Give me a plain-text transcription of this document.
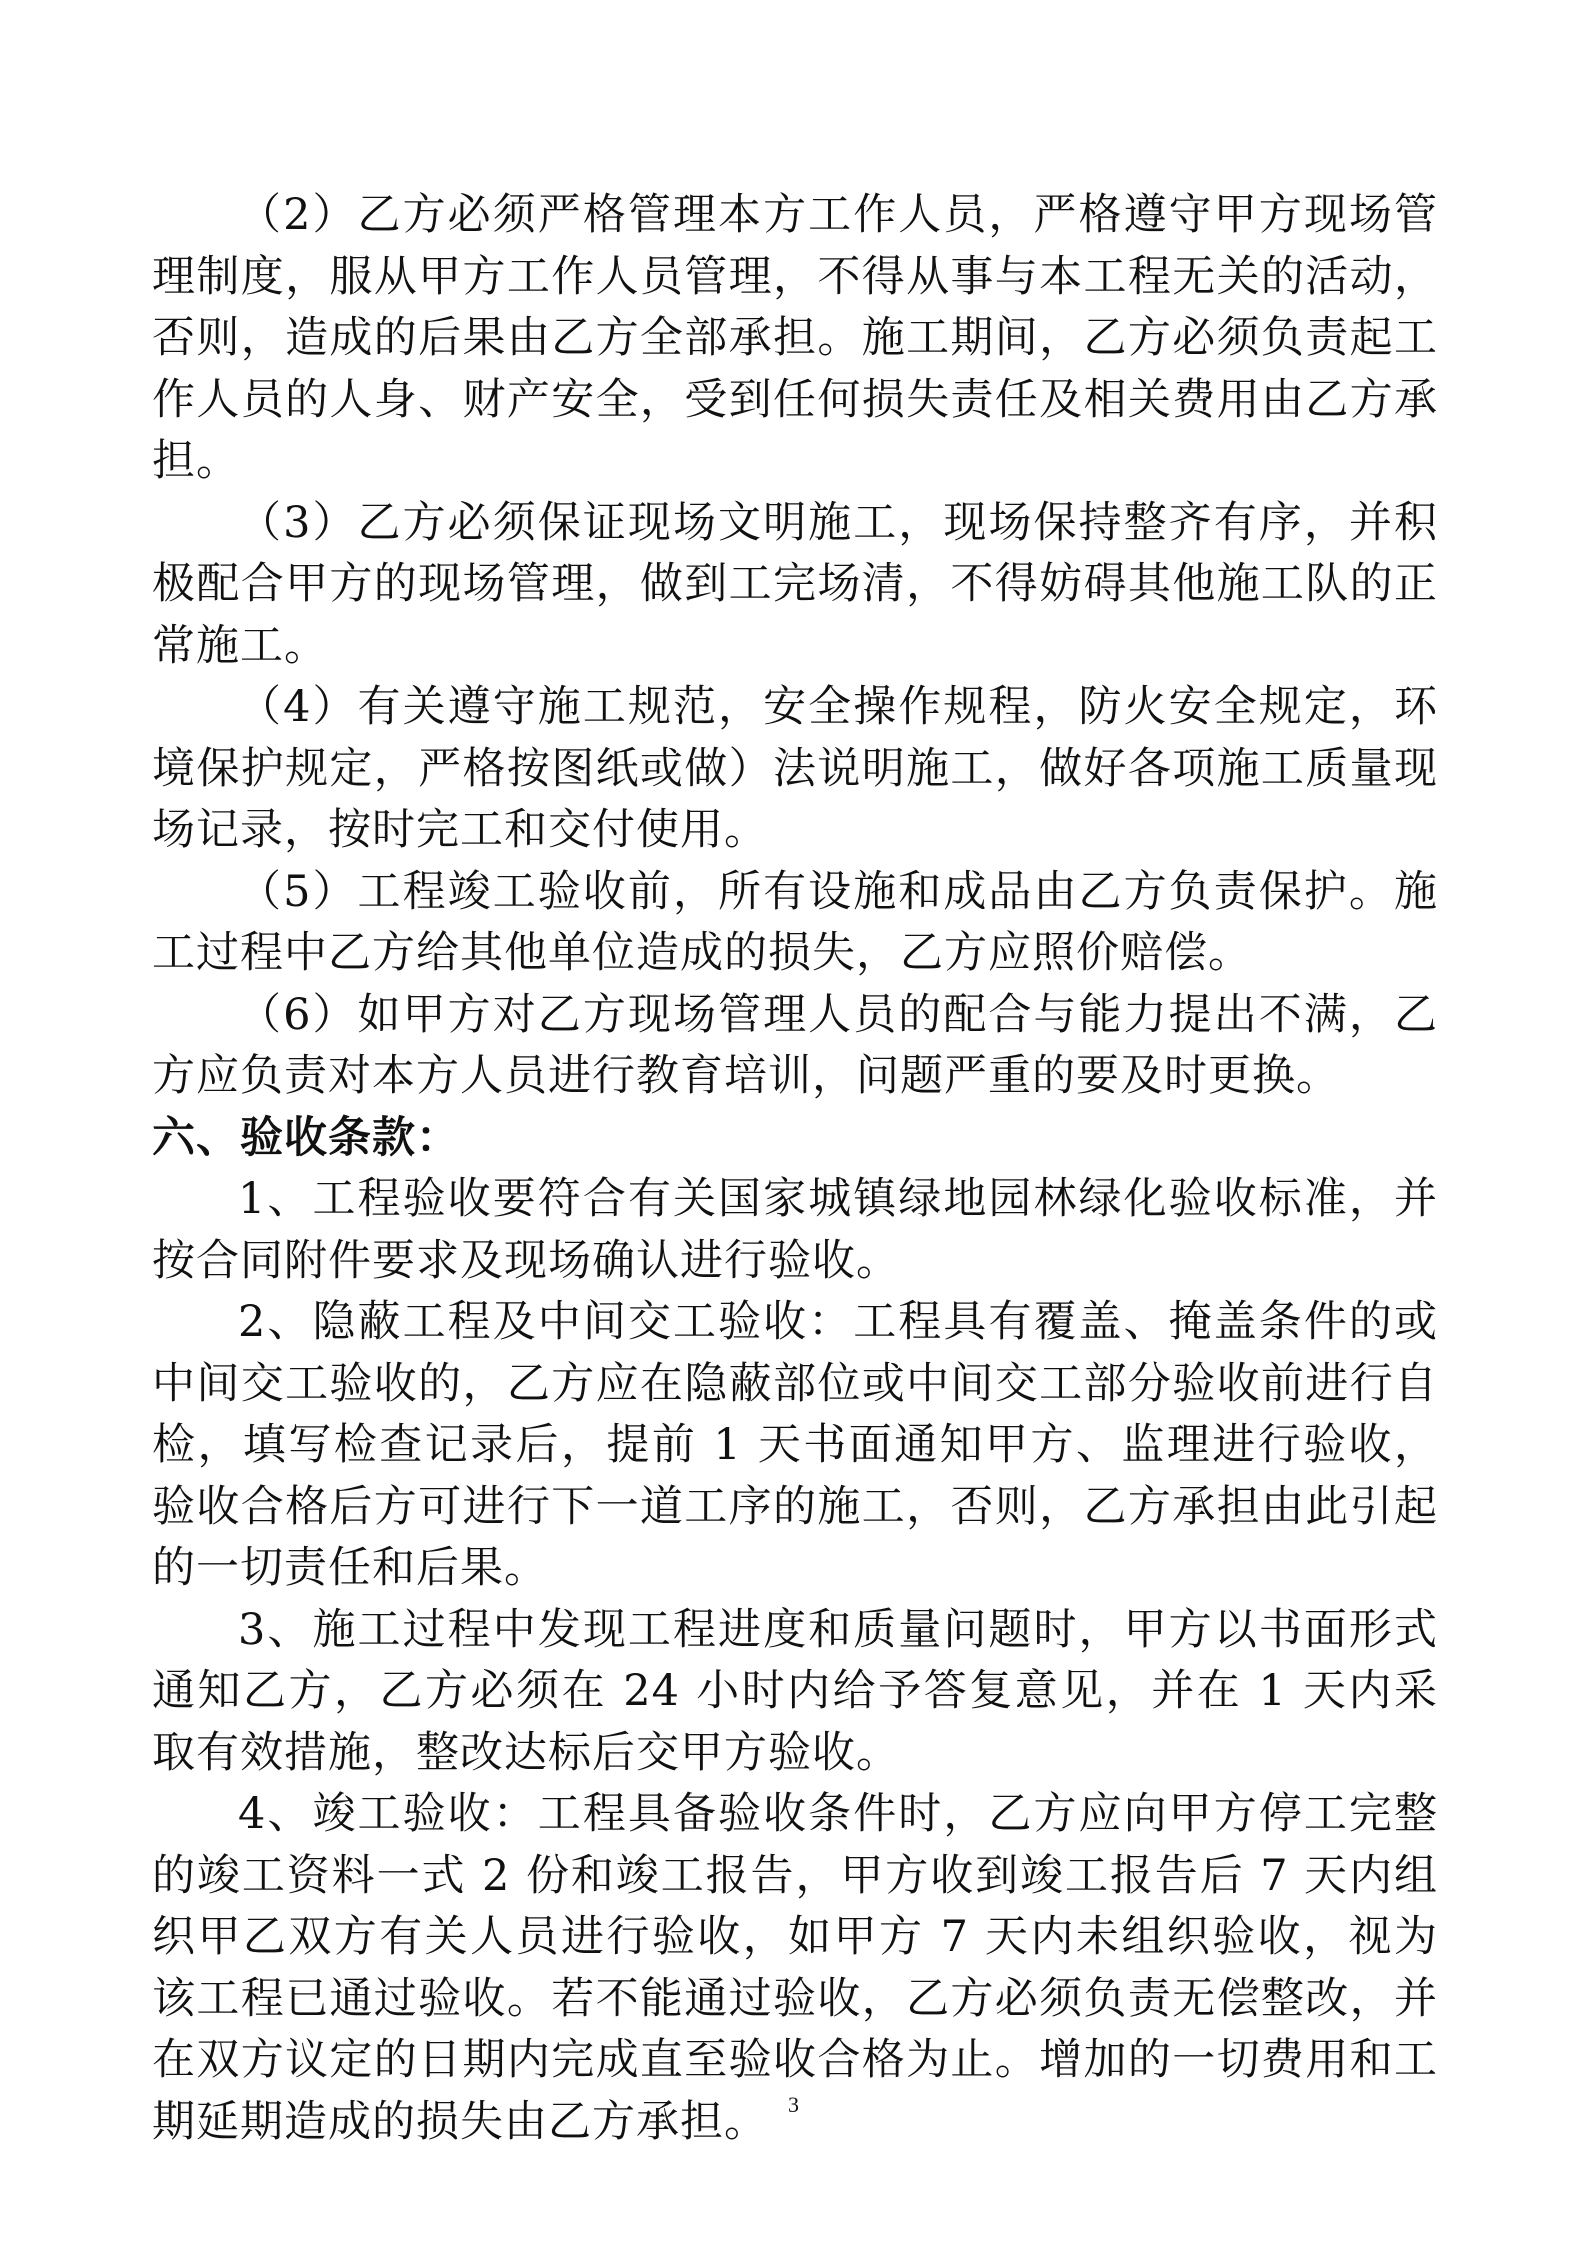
（2）乙方必须严格管理本方工作人员，严格遵守甲方现场管理制度，服从甲方工作人员管理，不得从事与本工程无关的活动，否则，造成的后果由乙方全部承担。施工期间，乙方必须负责起工作人员的人身、财产安全，受到任何损失责任及相关费用由乙方承担。

（3）乙方必须保证现场文明施工，现场保持整齐有序，并积极配合甲方的现场管理，做到工完场清，不得妨碍其他施工队的正常施工。

（4）有关遵守施工规范，安全操作规程，防火安全规定，环境保护规定，严格按图纸或做）法说明施工，做好各项施工质量现场记录，按时完工和交付使用。

（5）工程竣工验收前，所有设施和成品由乙方负责保护。施工过程中乙方给其他单位造成的损失，乙方应照价赔偿。

（6）如甲方对乙方现场管理人员的配合与能力提出不满，乙方应负责对本方人员进行教育培训，问题严重的要及时更换。

六、验收条款：

1、工程验收要符合有关国家城镇绿地园林绿化验收标准，并按合同附件要求及现场确认进行验收。

2、隐蔽工程及中间交工验收：工程具有覆盖、掩盖条件的或中间交工验收的，乙方应在隐蔽部位或中间交工部分验收前进行自检，填写检查记录后，提前 1 天书面通知甲方、监理进行验收，验收合格后方可进行下一道工序的施工，否则，乙方承担由此引起的一切责任和后果。

3、施工过程中发现工程进度和质量问题时，甲方以书面形式通知乙方，乙方必须在 24 小时内给予答复意见，并在 1 天内采取有效措施，整改达标后交甲方验收。

4、竣工验收：工程具备验收条件时，乙方应向甲方停工完整的竣工资料一式 2 份和竣工报告，甲方收到竣工报告后 7 天内组织甲乙双方有关人员进行验收，如甲方 7 天内未组织验收，视为该工程已通过验收。若不能通过验收，乙方必须负责无偿整改，并在双方议定的日期内完成直至验收合格为止。增加的一切费用和工期延期造成的损失由乙方承担。 3
